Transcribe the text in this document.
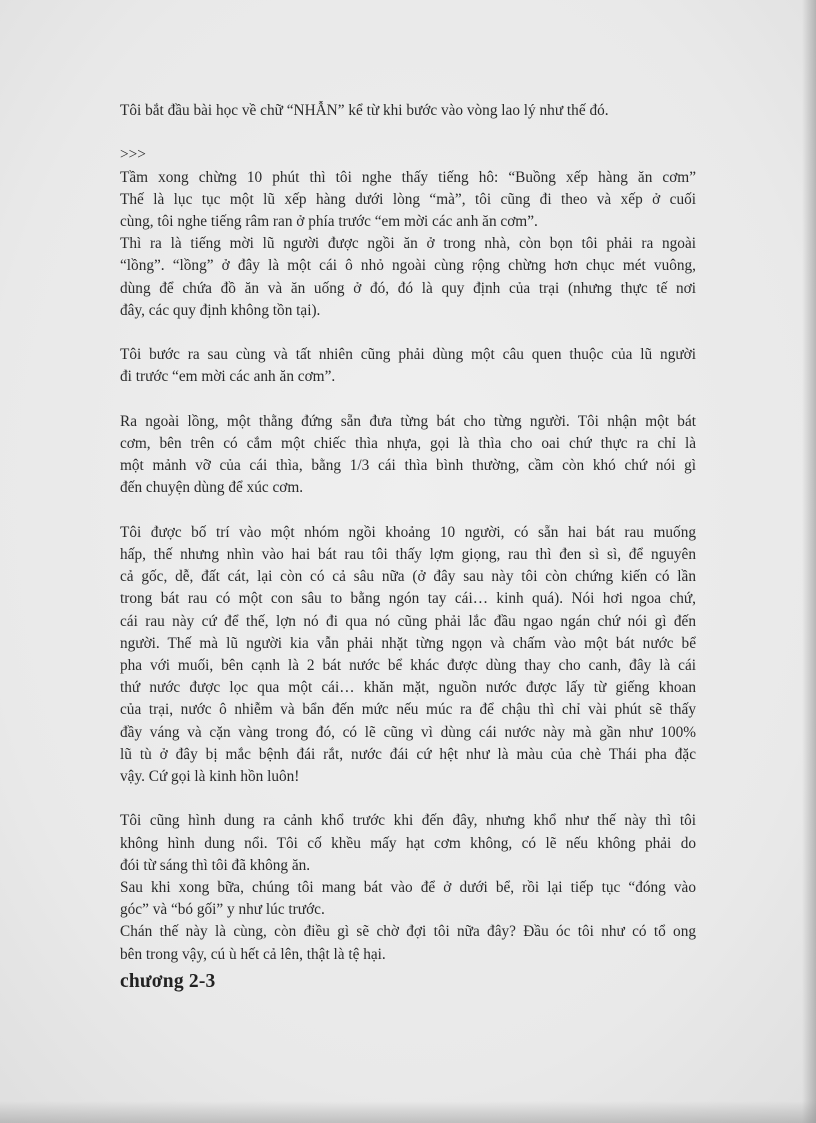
Tôi bắt đầu bài học về chữ “NHẪN” kể từ khi bước vào vòng lao lý như thế đó.
>>>
Tầm xong chừng 10 phút thì tôi nghe thấy tiếng hô: “Buồng xếp hàng ăn cơm”
Thế là lục tục một lũ xếp hàng dưới lòng “mà”, tôi cũng đi theo và xếp ở cuối
cùng, tôi nghe tiếng râm ran ở phía trước “em mời các anh ăn cơm”.
Thì ra là tiếng mời lũ người được ngồi ăn ở trong nhà, còn bọn tôi phải ra ngoài
“lồng”. “lồng” ở đây là một cái ô nhỏ ngoài cùng rộng chừng hơn chục mét vuông,
dùng để chứa đồ ăn và ăn uống ở đó, đó là quy định của trại (nhưng thực tế nơi
đây, các quy định không tồn tại).
Tôi bước ra sau cùng và tất nhiên cũng phải dùng một câu quen thuộc của lũ người
đi trước “em mời các anh ăn cơm”.
Ra ngoài lồng, một thằng đứng sẵn đưa từng bát cho từng người. Tôi nhận một bát
cơm, bên trên có cắm một chiếc thìa nhựa, gọi là thìa cho oai chứ thực ra chỉ là
một mảnh vỡ của cái thìa, bằng 1/3 cái thìa bình thường, cầm còn khó chứ nói gì
đến chuyện dùng để xúc cơm.
Tôi được bố trí vào một nhóm ngồi khoảng 10 người, có sẵn hai bát rau muống
hấp, thế nhưng nhìn vào hai bát rau tôi thấy lợm giọng, rau thì đen sì sì, để nguyên
cả gốc, dễ, đất cát, lại còn có cả sâu nữa (ở đây sau này tôi còn chứng kiến có lần
trong bát rau có một con sâu to bằng ngón tay cái… kinh quá). Nói hơi ngoa chứ,
cái rau này cứ để thế, lợn nó đi qua nó cũng phải lắc đầu ngao ngán chứ nói gì đến
người. Thế mà lũ người kia vẫn phải nhặt từng ngọn và chấm vào một bát nước bể
pha với muối, bên cạnh là 2 bát nước bể khác được dùng thay cho canh, đây là cái
thứ nước được lọc qua một cái… khăn mặt, nguồn nước được lấy từ giếng khoan
của trại, nước ô nhiễm và bẩn đến mức nếu múc ra để chậu thì chỉ vài phút sẽ thấy
đầy váng và cặn vàng trong đó, có lẽ cũng vì dùng cái nước này mà gần như 100%
lũ tù ở đây bị mắc bệnh đái rắt, nước đái cứ hệt như là màu của chè Thái pha đặc
vậy. Cứ gọi là kinh hồn luôn!
Tôi cũng hình dung ra cảnh khổ trước khi đến đây, nhưng khổ như thế này thì tôi
không hình dung nổi. Tôi cố khều mấy hạt cơm không, có lẽ nếu không phải do
đói từ sáng thì tôi đã không ăn.
Sau khi xong bữa, chúng tôi mang bát vào để ở dưới bể, rồi lại tiếp tục “đóng vào
góc” và “bó gối” y như lúc trước.
Chán thế này là cùng, còn điều gì sẽ chờ đợi tôi nữa đây? Đầu óc tôi như có tổ ong
bên trong vậy, cú ù hết cả lên, thật là tệ hại.
chương 2-3
